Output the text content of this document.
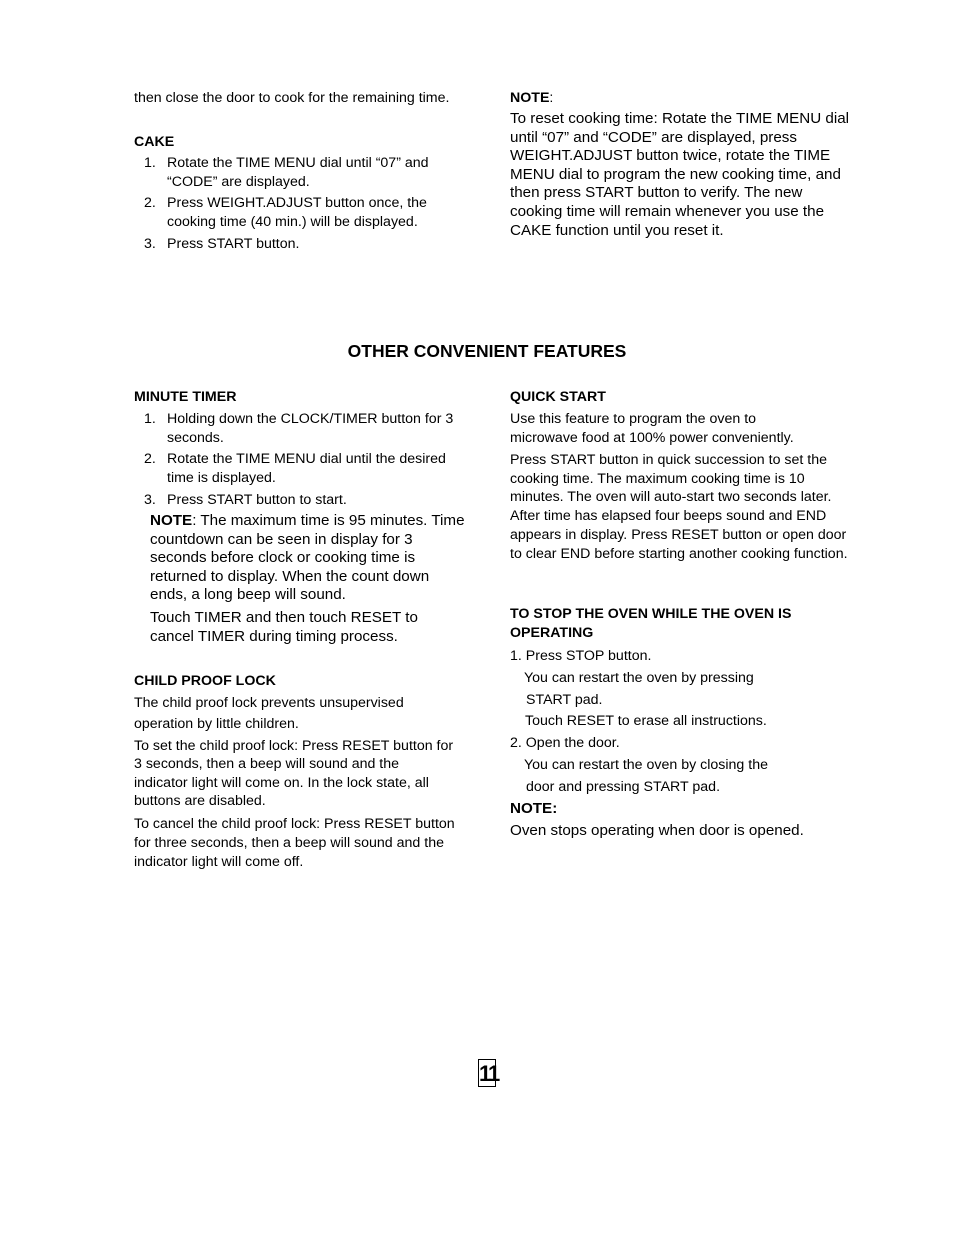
then close the door to cook for the remaining time.
CAKE
1. Rotate the TIME MENU dial until “07” and “CODE” are displayed.
2. Press WEIGHT.ADJUST button once, the cooking time (40 min.) will be displayed.
3. Press START button.
NOTE:
To reset cooking time: Rotate the TIME MENU dial until “07” and “CODE” are displayed, press WEIGHT.ADJUST button twice, rotate the TIME MENU dial to program the new cooking time, and then press START button to verify. The new cooking time will remain whenever you use the CAKE function until you reset it.
OTHER CONVENIENT FEATURES
MINUTE TIMER
1. Holding down the CLOCK/TIMER button for 3 seconds.
2. Rotate the TIME MENU dial until the desired time is displayed.
3. Press START button to start.
NOTE: The maximum time is 95 minutes. Time countdown can be seen in display for 3 seconds before clock or cooking time is returned to display. When the count down ends, a long beep will sound.
Touch TIMER and then touch RESET to cancel TIMER during timing process.
CHILD PROOF LOCK
The child proof lock prevents unsupervised operation by little children.
To set the child proof lock: Press RESET button for 3 seconds, then a beep will sound and the indicator light will come on. In the lock state, all buttons are disabled.
To cancel the child proof lock: Press RESET button for three seconds, then a beep will sound and the indicator light will come off.
QUICK START
Use this feature to program the oven to microwave food at 100% power conveniently.
Press START button in quick succession to set the cooking time. The maximum cooking time is 10 minutes. The oven will auto-start two seconds later. After time has elapsed four beeps sound and END appears in display. Press RESET button or open door to clear END before starting another cooking function.
TO STOP THE OVEN WHILE THE OVEN IS OPERATING
1. Press STOP button.
You can restart the oven by pressing
START pad.
Touch RESET to erase all instructions.
2. Open the door.
You can restart the oven by closing the
door and pressing START pad.
NOTE:
Oven stops operating when door is opened.
11
